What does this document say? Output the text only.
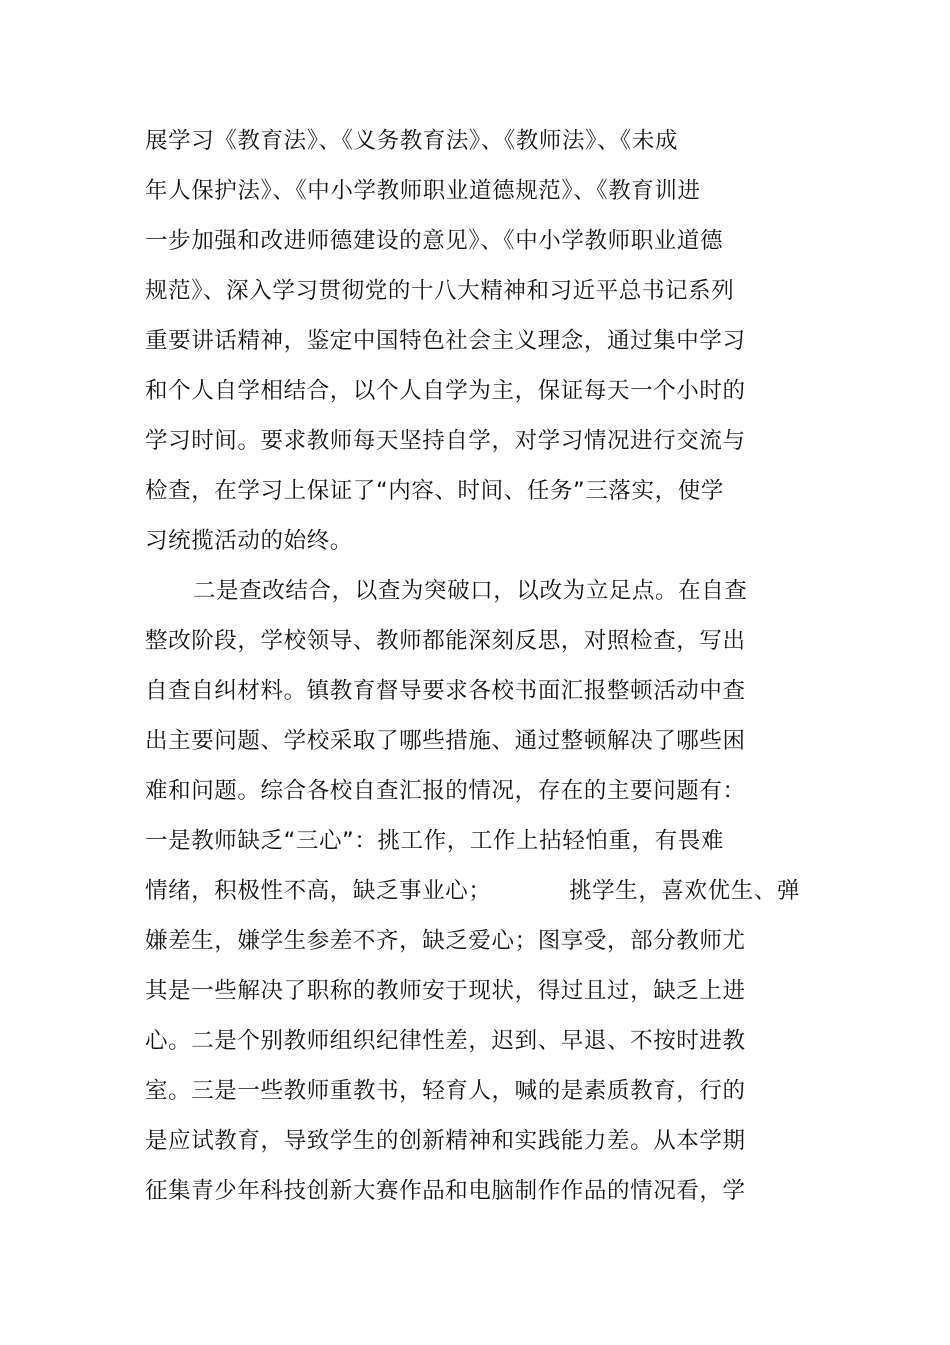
展学习《教育法》、《义务教育法》、《教师法》、《未成
年人保护法》、《中小学教师职业道德规范》、《教育训进
一步加强和改进师德建设的意见》、《中小学教师职业道德
规范》、深入学习贯彻党的十八大精神和习近平总书记系列
重要讲话精神，鉴定中国特色社会主义理念，通过集中学习
和个人自学相结合，以个人自学为主，保证每天一个小时的
学习时间。要求教师每天坚持自学，对学习情况进行交流与
检查，在学习上保证了“内容、时间、任务”三落实，使学
习统揽活动的始终。
二是查改结合，以查为突破口，以改为立足点。在自查
整改阶段，学校领导、教师都能深刻反思，对照检查，写出
自查自纠材料。镇教育督导要求各校书面汇报整顿活动中查
出主要问题、学校采取了哪些措施、通过整顿解决了哪些困
难和问题。综合各校自查汇报的情况，存在的主要问题有：
一是教师缺乏“三心”：挑工作，工作上拈轻怕重，有畏难
情绪，积极性不高，缺乏事业心；          挑学生，喜欢优生、弹
嫌差生，嫌学生参差不齐，缺乏爱心；图享受，部分教师尤
其是一些解决了职称的教师安于现状，得过且过，缺乏上进
心。二是个别教师组织纪律性差，迟到、早退、不按时进教
室。三是一些教师重教书，轻育人，喊的是素质教育，行的
是应试教育，导致学生的创新精神和实践能力差。从本学期
征集青少年科技创新大赛作品和电脑制作作品的情况看，学
